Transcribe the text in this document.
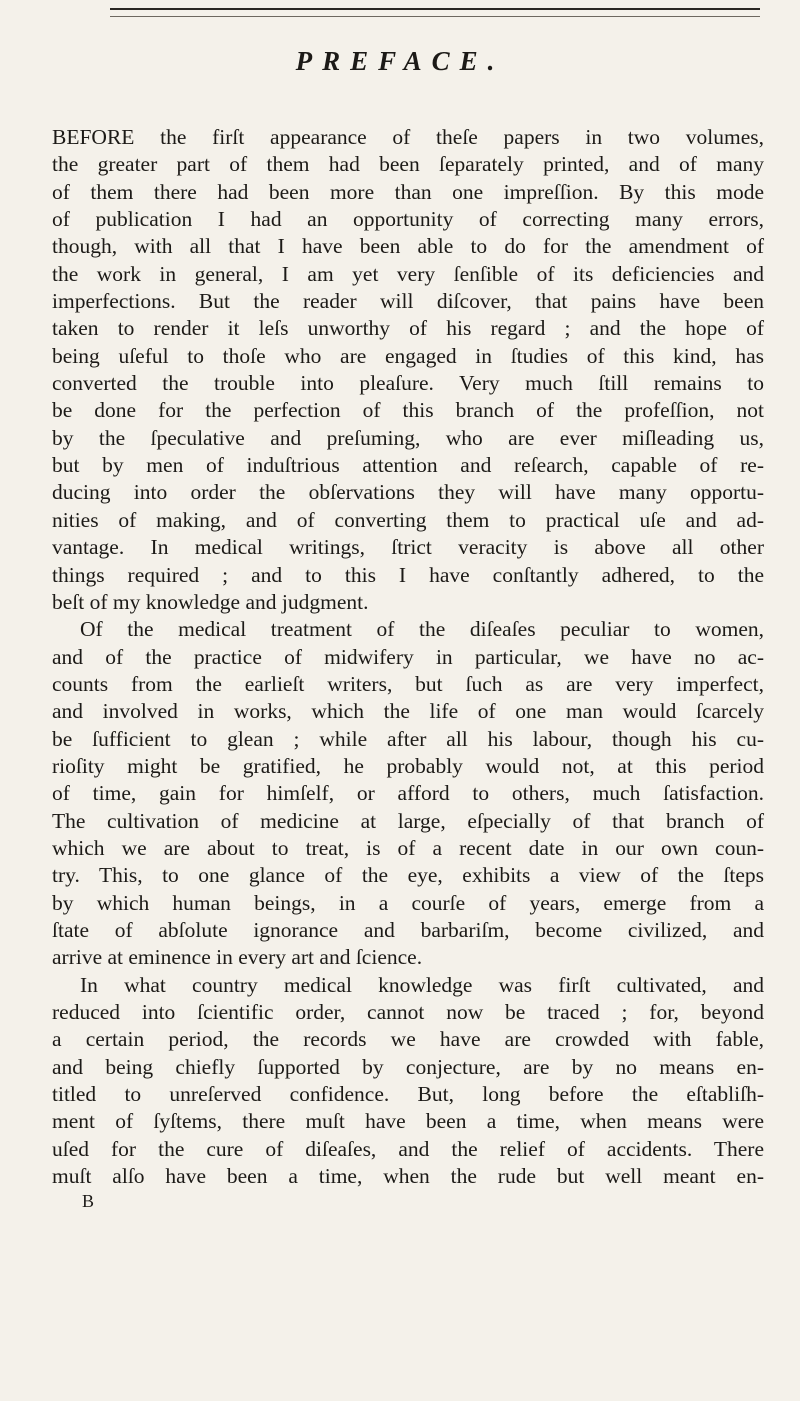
PREFACE.
BEFORE the firſt appearance of theſe papers in two volumes,
the greater part of them had been ſeparately printed, and of many
of them there had been more than one impreſſion. By this mode
of publication I had an opportunity of correcting many errors,
though, with all that I have been able to do for the amendment of
the work in general, I am yet very ſenſible of its deficiencies and
imperfections. But the reader will diſcover, that pains have been
taken to render it leſs unworthy of his regard ; and the hope of
being uſeful to thoſe who are engaged in ſtudies of this kind, has
converted the trouble into pleaſure. Very much ſtill remains to
be done for the perfection of this branch of the profeſſion, not
by the ſpeculative and preſuming, who are ever miſleading us,
but by men of induſtrious attention and reſearch, capable of re-
ducing into order the obſervations they will have many opportu-
nities of making, and of converting them to practical uſe and ad-
vantage. In medical writings, ſtrict veracity is above all other
things required ; and to this I have conſtantly adhered, to the
beſt of my knowledge and judgment.
Of the medical treatment of the diſeaſes peculiar to women,
and of the practice of midwifery in particular, we have no ac-
counts from the earlieſt writers, but ſuch as are very imperfect,
and involved in works, which the life of one man would ſcarcely
be ſufficient to glean ; while after all his labour, though his cu-
rioſity might be gratified, he probably would not, at this period
of time, gain for himſelf, or afford to others, much ſatisfaction.
The cultivation of medicine at large, eſpecially of that branch of
which we are about to treat, is of a recent date in our own coun-
try. This, to one glance of the eye, exhibits a view of the ſteps
by which human beings, in a courſe of years, emerge from a
ſtate of abſolute ignorance and barbariſm, become civilized, and
arrive at eminence in every art and ſcience.
In what country medical knowledge was firſt cultivated, and
reduced into ſcientific order, cannot now be traced ; for, beyond
a certain period, the records we have are crowded with fable,
and being chiefly ſupported by conjecture, are by no means en-
titled to unreſerved confidence. But, long before the eſtabliſh-
ment of ſyſtems, there muſt have been a time, when means were
uſed for the cure of diſeaſes, and the relief of accidents. There
muſt alſo have been a time, when the rude but well meant en-
B
